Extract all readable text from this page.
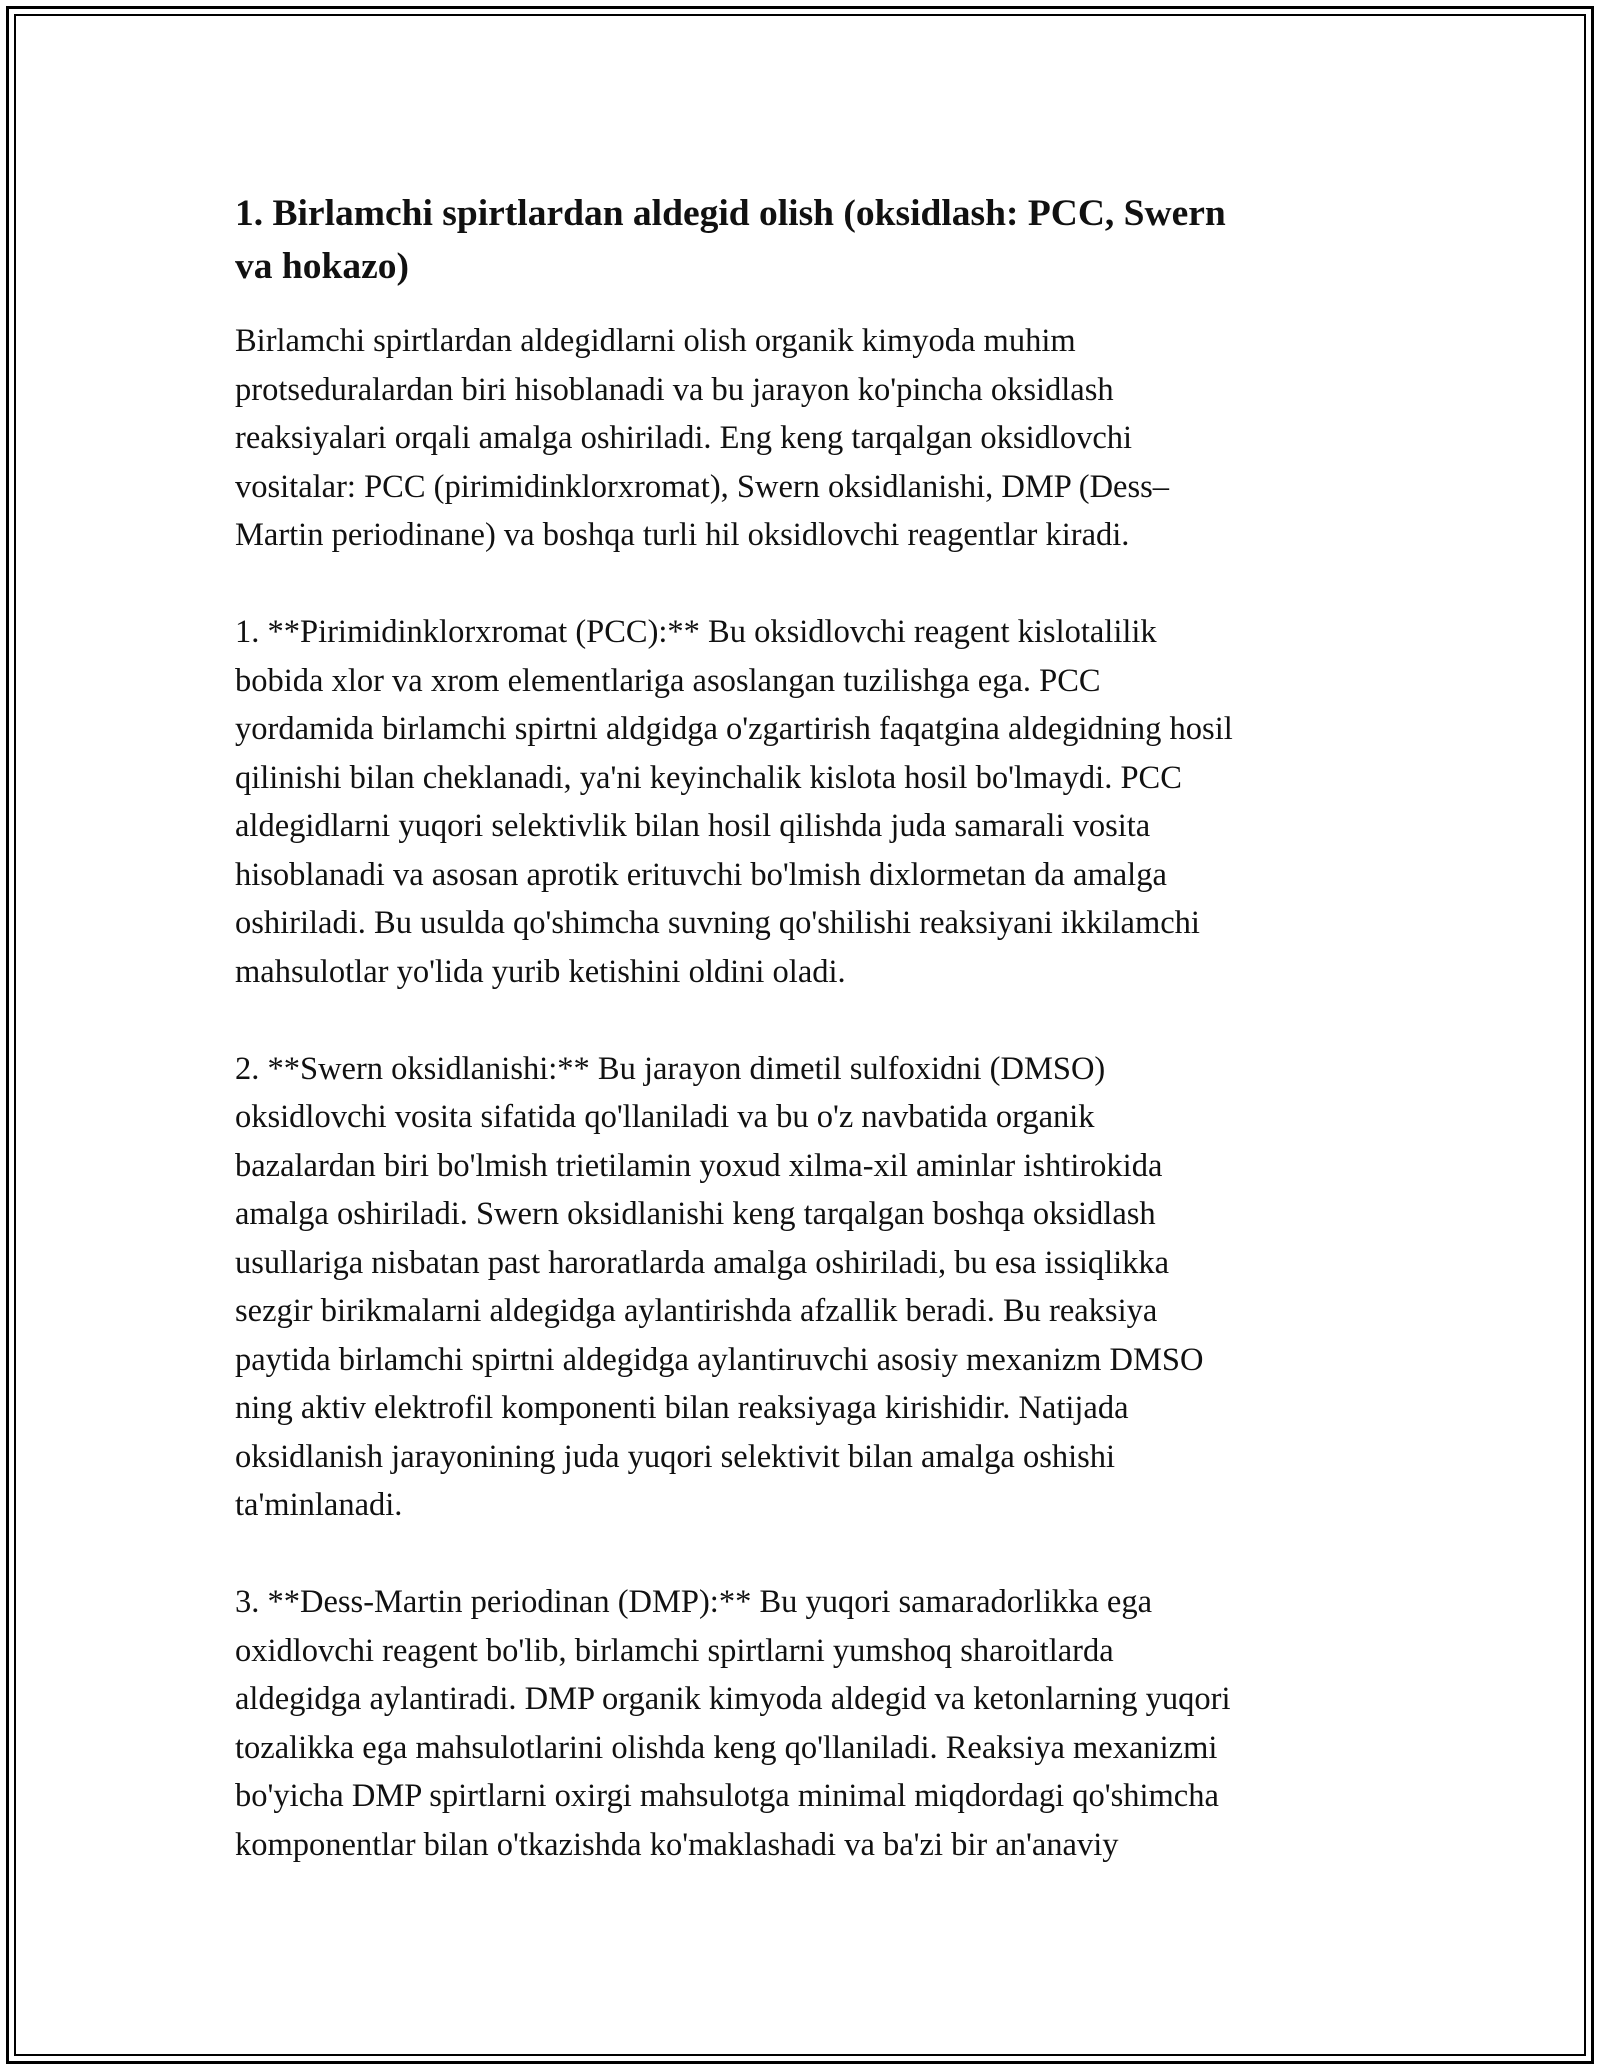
1. Birlamchi spirtlardan aldegid olish (oksidlash: PCC, Swern
va hokazo)

Birlamchi spirtlardan aldegidlarni olish organik kimyoda muhim
protseduralardan biri hisoblanadi va bu jarayon ko'pincha oksidlash
reaksiyalari orqali amalga oshiriladi. Eng keng tarqalgan oksidlovchi
vositalar: PCC (pirimidinklorxromat), Swern oksidlanishi, DMP (Dess–
Martin periodinane) va boshqa turli hil oksidlovchi reagentlar kiradi.

1. **Pirimidinklorxromat (PCC):** Bu oksidlovchi reagent kislotalilik
bobida xlor va xrom elementlariga asoslangan tuzilishga ega. PCC
yordamida birlamchi spirtni aldgidga o'zgartirish faqatgina aldegidning hosil
qilinishi bilan cheklanadi, ya'ni keyinchalik kislota hosil bo'lmaydi. PCC
aldegidlarni yuqori selektivlik bilan hosil qilishda juda samarali vosita
hisoblanadi va asosan aprotik erituvchi bo'lmish dixlormetan da amalga
oshiriladi. Bu usulda qo'shimcha suvning qo'shilishi reaksiyani ikkilamchi
mahsulotlar yo'lida yurib ketishini oldini oladi.

2. **Swern oksidlanishi:** Bu jarayon dimetil sulfoxidni (DMSO)
oksidlovchi vosita sifatida qo'llaniladi va bu o'z navbatida organik
bazalardan biri bo'lmish trietilamin yoxud xilma-xil aminlar ishtirokida
amalga oshiriladi. Swern oksidlanishi keng tarqalgan boshqa oksidlash
usullariga nisbatan past haroratlarda amalga oshiriladi, bu esa issiqlikka
sezgir birikmalarni aldegidga aylantirishda afzallik beradi. Bu reaksiya
paytida birlamchi spirtni aldegidga aylantiruvchi asosiy mexanizm DMSO
ning aktiv elektrofil komponenti bilan reaksiyaga kirishidir. Natijada
oksidlanish jarayonining juda yuqori selektivit bilan amalga oshishi
ta'minlanadi.

3. **Dess-Martin periodinan (DMP):** Bu yuqori samaradorlikka ega
oxidlovchi reagent bo'lib, birlamchi spirtlarni yumshoq sharoitlarda
aldegidga aylantiradi. DMP organik kimyoda aldegid va ketonlarning yuqori
tozalikka ega mahsulotlarini olishda keng qo'llaniladi. Reaksiya mexanizmi
bo'yicha DMP spirtlarni oxirgi mahsulotga minimal miqdordagi qo'shimcha
komponentlar bilan o'tkazishda ko'maklashadi va ba'zi bir an'anaviy
